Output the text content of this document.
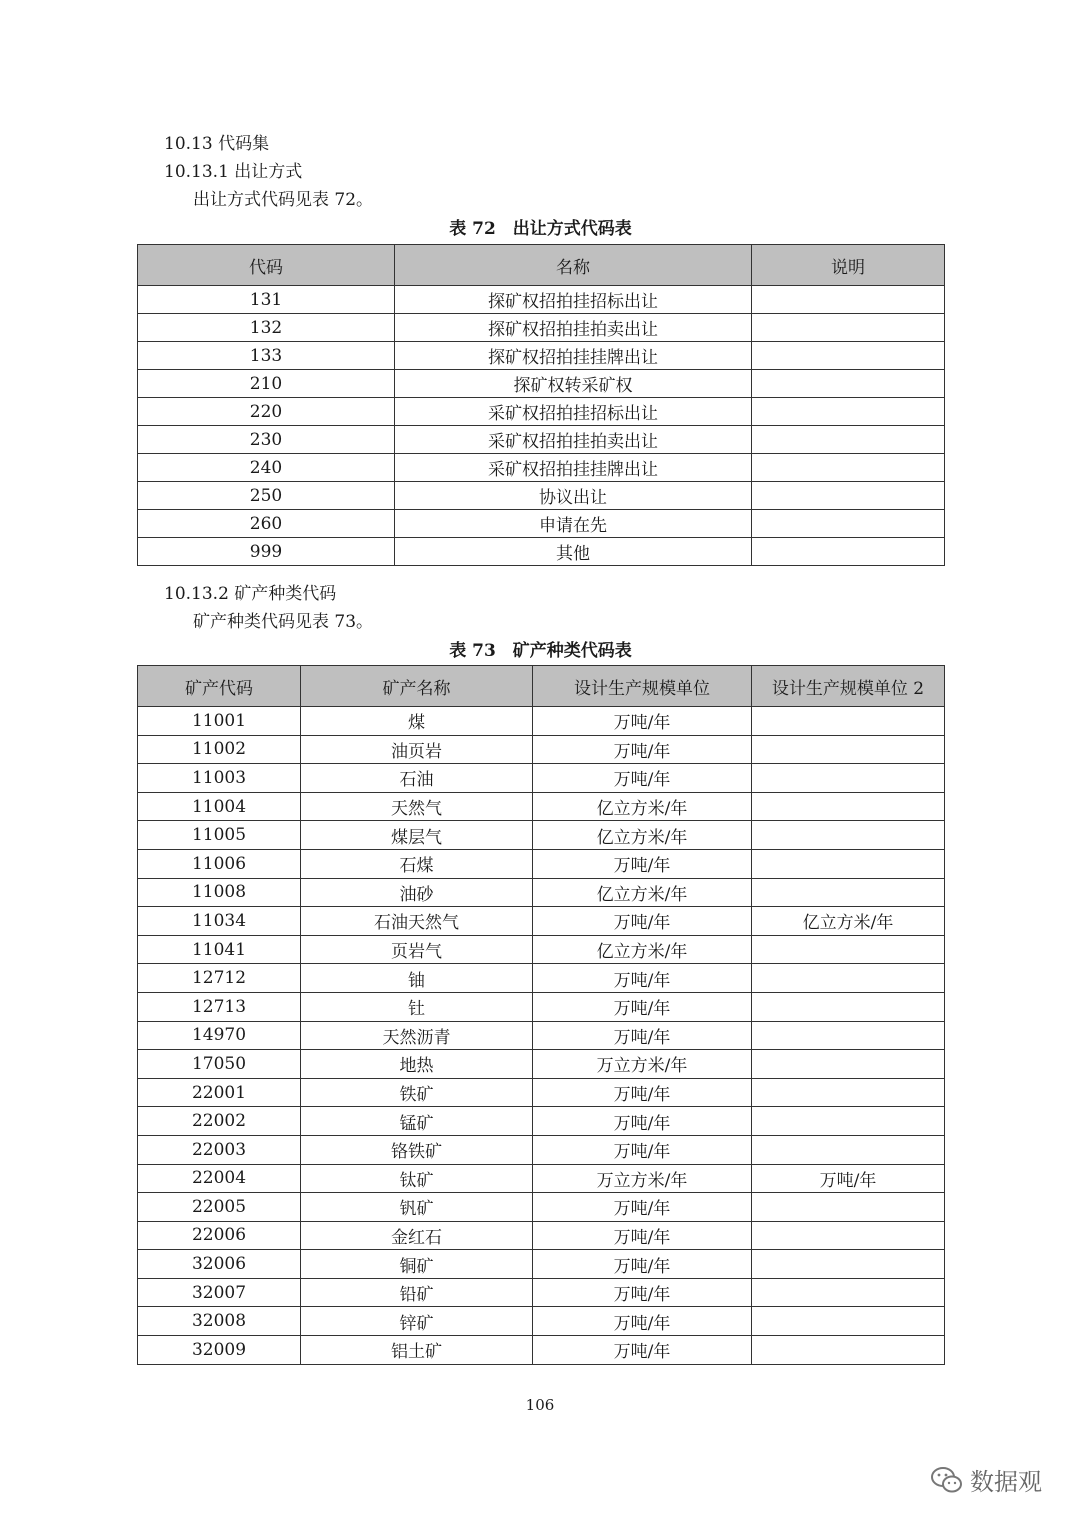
10.13 代码集
10.13.1 出让方式
出让方式代码见表 72。
表 72　出让方式代码表
代码	名称	说明
131	探矿权招拍挂招标出让	
132	探矿权招拍挂拍卖出让	
133	探矿权招拍挂挂牌出让	
210	探矿权转采矿权	
220	采矿权招拍挂招标出让	
230	采矿权招拍挂拍卖出让	
240	采矿权招拍挂挂牌出让	
250	协议出让	
260	申请在先	
999	其他	
10.13.2 矿产种类代码
矿产种类代码见表 73。
表 73　矿产种类代码表
矿产代码	矿产名称	设计生产规模单位	设计生产规模单位 2
11001	煤	万吨/年	
11002	油页岩	万吨/年	
11003	石油	万吨/年	
11004	天然气	亿立方米/年	
11005	煤层气	亿立方米/年	
11006	石煤	万吨/年	
11008	油砂	亿立方米/年	
11034	石油天然气	万吨/年	亿立方米/年
11041	页岩气	亿立方米/年	
12712	铀	万吨/年	
12713	钍	万吨/年	
14970	天然沥青	万吨/年	
17050	地热	万立方米/年	
22001	铁矿	万吨/年	
22002	锰矿	万吨/年	
22003	铬铁矿	万吨/年	
22004	钛矿	万立方米/年	万吨/年
22005	钒矿	万吨/年	
22006	金红石	万吨/年	
32006	铜矿	万吨/年	
32007	铅矿	万吨/年	
32008	锌矿	万吨/年	
32009	铝土矿	万吨/年	
106
数据观
